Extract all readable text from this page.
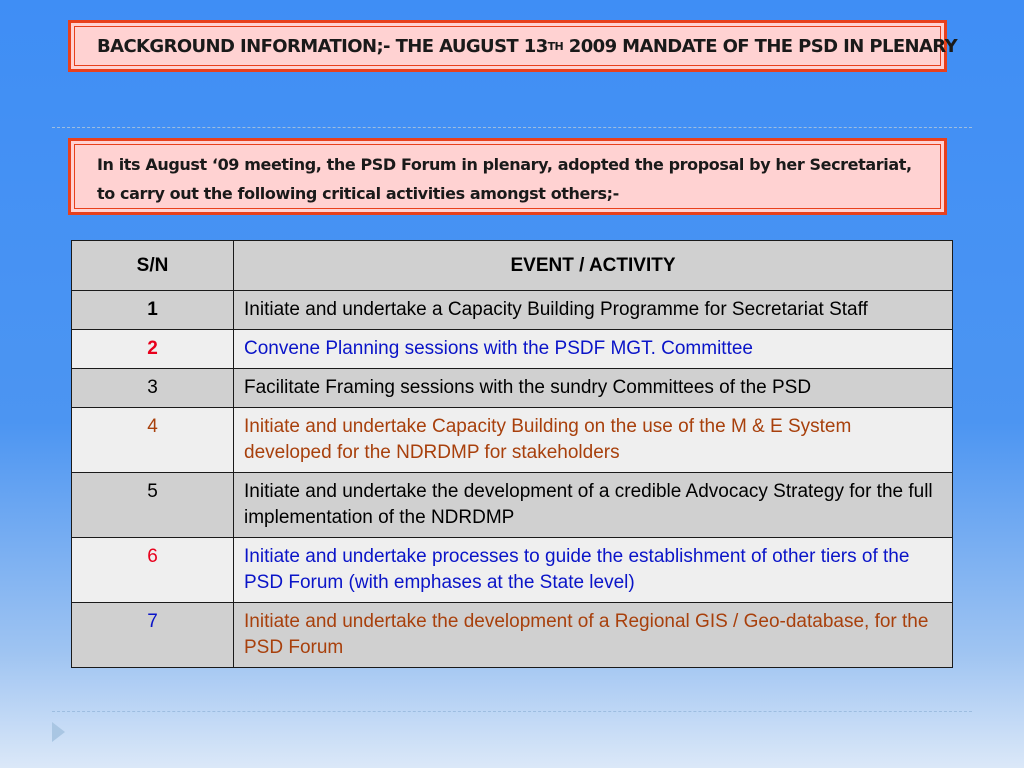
BACKGROUND INFORMATION;- THE AUGUST 13 TH 2009 MANDATE OF THE PSD IN PLENARY
In its August ‘09 meeting, the PSD Forum in plenary, adopted the proposal by her Secretariat, to carry out the following critical activities amongst others;-
S/N	EVENT / ACTIVITY
1	Initiate and undertake a Capacity Building Programme for Secretariat Staff
2	Convene Planning sessions with the PSDF MGT. Committee
3	Facilitate Framing sessions with the sundry Committees of the PSD
4	Initiate and undertake Capacity Building on the use of the M & E System developed for the NDRDMP for stakeholders
5	Initiate and undertake the development of a credible Advocacy Strategy for the full implementation of the NDRDMP
6	Initiate and undertake processes to guide the establishment of other tiers of the PSD Forum (with emphases at the State level)
7	Initiate and undertake the development of a Regional GIS / Geo-database, for the PSD Forum
